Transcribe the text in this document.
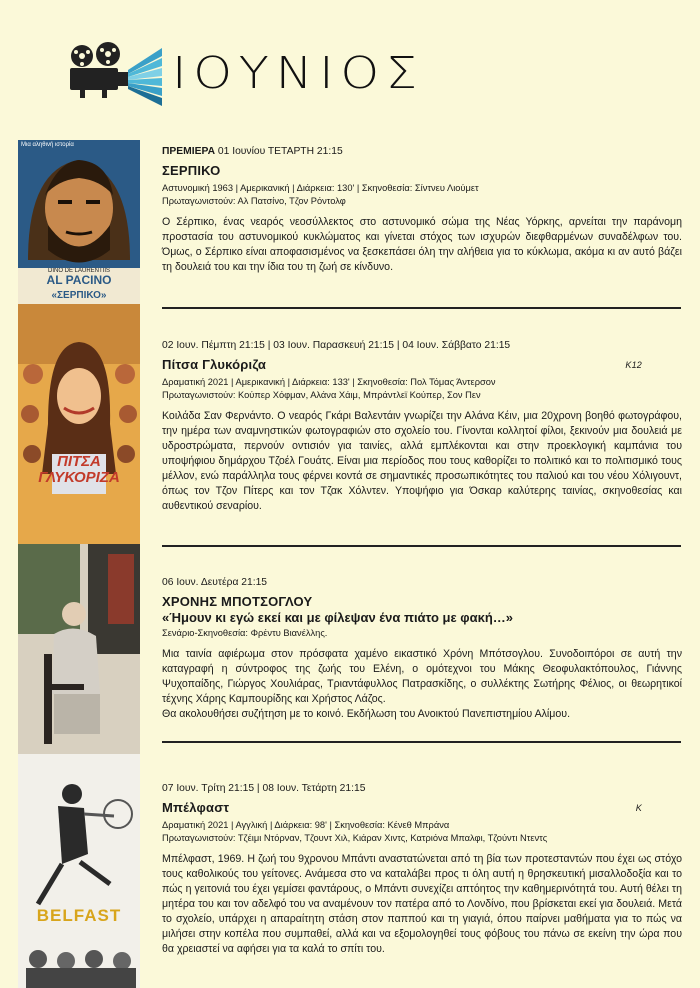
ΙΟΥΝΙΟΣ
Μια αληθινή ιστορία
DINO DE LAURENTIIS
AL PACINO
«ΣΕΡΠΙΚΟ»
ΠΙΤΣΑ ΓΛΥΚΟΡΙΖΑ
BELFAST
ΠΡΕΜΙΕΡΑ 01 Ιουνίου ΤΕΤΑΡΤΗ 21:15
ΣΕΡΠΙΚΟ
Αστυνομική 1963 | Αμερικανική | Διάρκεια: 130' | Σκηνοθεσία: Σίντνευ Λιούμετ
Πρωταγωνιστούν: Αλ Πατσίνο, Τζον Ρόντολφ
Ο Σέρπικο, ένας νεαρός νεοσύλλεκτος στο αστυνομικό σώμα της Νέας Υόρκης, αρνείται την παράνομη προστασία του αστυνομικού κυκλώματος και γίνεται στόχος των ισχυρών διεφθαρμένων συναδέλφων του. Όμως, ο Σέρπικο είναι αποφασισμένος να ξεσκεπάσει όλη την αλήθεια για το κύκλωμα, ακόμα κι αν αυτό βάζει τη δουλειά του και την ίδια του τη ζωή σε κίνδυνο.
02 Ιουν. Πέμπτη 21:15 | 03 Ιουν. Παρασκευή 21:15 | 04 Ιουν. Σάββατο 21:15
Πίτσα Γλυκόριζα	Κ12
Δραματική 2021 | Αμερικανική | Διάρκεια: 133' | Σκηνοθεσία: Πολ Τόμας Άντερσον
Πρωταγωνιστούν: Κούπερ Χόφμαν, Αλάνα Χάιμ, Μπράντλεϊ Κούπερ, Σον Πεν
Κοιλάδα Σαν Φερνάντο. Ο νεαρός Γκάρι Βαλεντάιν γνωρίζει την Αλάνα Κέιν, μια 20χρονη βοηθό φωτογράφου, την ημέρα των αναμνηστικών φωτογραφιών στο σχολείο του. Γίνονται κολλητοί φίλοι, ξεκινούν μια δουλειά με υδροστρώματα, περνούν οντισιόν για ταινίες, αλλά εμπλέκονται και στην προεκλογική καμπάνια του υποψήφιου δημάρχου Τζοέλ Γουάτς. Είναι μια περίοδος που τους καθορίζει το πολιτικό και το πολιτισμικό τους μέλλον, ενώ παράλληλα τους φέρνει κοντά σε σημαντικές προσωπικότητες του παλιού και του νέου Χόλιγουντ, όπως τον Τζον Πίτερς και τον Τζακ Χόλντεν. Υποψήφιο για Όσκαρ καλύτερης ταινίας, σκηνοθεσίας και αυθεντικού σεναρίου.
06 Ιουν. Δευτέρα 21:15
ΧΡΟΝΗΣ ΜΠΟΤΣΟΓΛΟΥ
«Ήμουν κι εγώ εκεί και με φίλεψαν ένα πιάτο με φακή…»
Σενάριο-Σκηνοθεσία: Φρέντυ Βιανέλλης.
Μια ταινία αφιέρωμα στον πρόσφατα χαμένο εικαστικό Χρόνη Μπότσογλου. Συνοδοιπόροι σε αυτή την καταγραφή η σύντροφος της ζωής του Ελένη, ο ομότεχνοι του Μάκης Θεοφυλακτόπουλος, Γιάννης Ψυχοπαίδης, Γιώργος Χουλιάρας, Τριαντάφυλλος Πατρασκίδης, ο συλλέκτης Σωτήρης Φέλιος, οι θεωρητικοί τέχνης Χάρης Καμπουρίδης και Χρήστος Λάζος.
Θα ακολουθήσει συζήτηση με το κοινό. Εκδήλωση του Ανοικτού Πανεπιστημίου Αλίμου.
07 Ιουν. Τρίτη 21:15 | 08 Ιουν. Τετάρτη 21:15
Μπέλφαστ	Κ
Δραματική 2021 | Αγγλική | Διάρκεια: 98' | Σκηνοθεσία: Κένεθ Μπράνα
Πρωταγωνιστούν: Τζέιμι Ντόρναν, Τζουντ Χιλ, Κιάραν Χιντς, Κατριόνα Μπαλφι, Τζούντι Ντεντς
Μπέλφαστ, 1969. Η ζωή του 9χρονου Μπάντι αναστατώνεται από τη βία των προτεσταντών που έχει ως στόχο τους καθολικούς του γείτονες. Ανάμεσα στο να καταλάβει προς τι όλη αυτή η θρησκευτική μισαλλοδοξία και το πώς η γειτονιά του έχει γεμίσει φαντάρους, ο Μπάντι συνεχίζει απτόητος την καθημερινότητά του. Αυτή θέλει τη μητέρα του και τον αδελφό του να αναμένουν τον πατέρα από το Λονδίνο, που βρίσκεται εκεί για δουλειά. Μετά το σχολείο, υπάρχει η απαραίτητη στάση στον παππού και τη γιαγιά, όπου παίρνει μαθήματα για το πώς να μιλήσει στην κοπέλα που συμπαθεί, αλλά και να εξομολογηθεί τους φόβους του πάνω σε εκείνη την ώρα που θα χρειαστεί να αφήσει για τα καλά το σπίτι του.
